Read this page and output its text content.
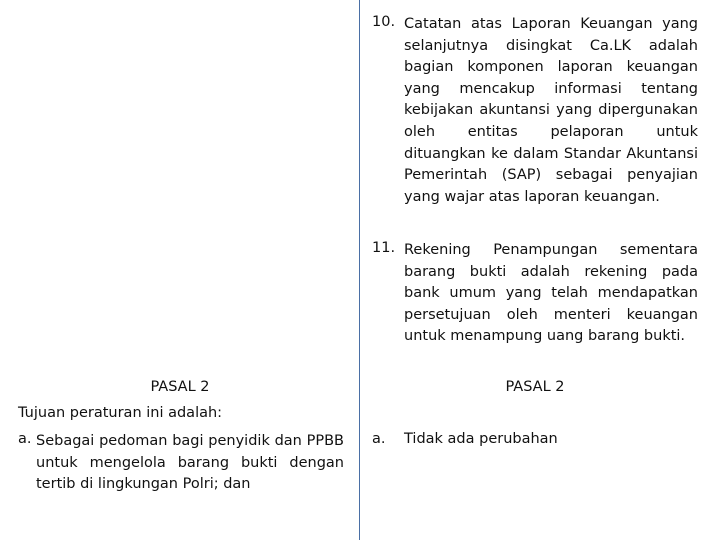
10. Catatan atas Laporan Keuangan yang selanjutnya disingkat Ca.LK adalah bagian komponen laporan keuangan yang mencakup informasi tentang kebijakan akuntansi yang dipergunakan oleh entitas pelaporan untuk dituangkan ke dalam Standar Akuntansi Pemerintah (SAP) sebagai penyajian yang wajar atas laporan keuangan.
11. Rekening Penampungan sementara barang bukti adalah rekening pada bank umum yang telah mendapatkan persetujuan oleh menteri keuangan untuk menampung uang barang bukti.
PASAL 2	PASAL 2
Tujuan peraturan ini adalah:
a. Sebagai pedoman bagi penyidik dan PPBB untuk mengelola barang bukti dengan tertib di lingkungan Polri; dan
a.	Tidak ada perubahan
